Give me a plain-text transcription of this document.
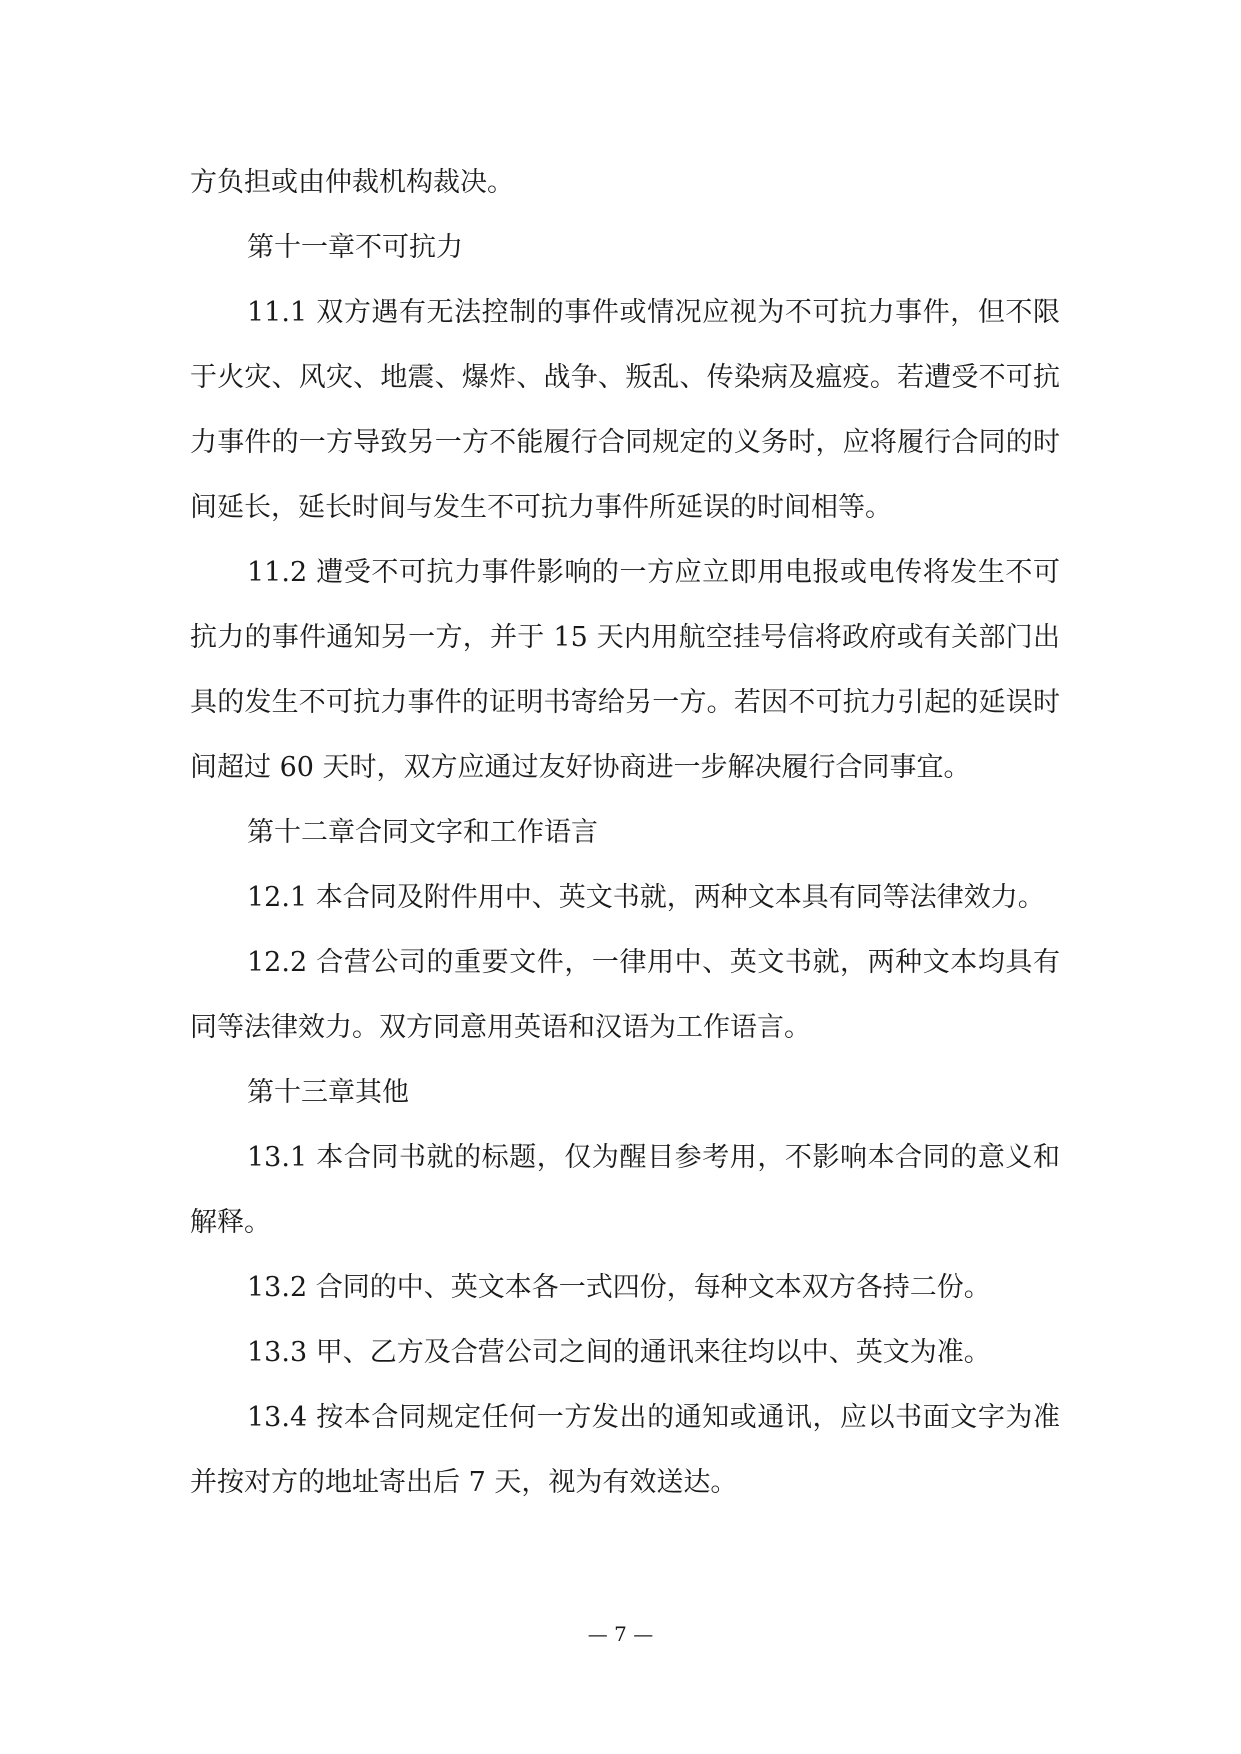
方负担或由仲裁机构裁决。

第十一章不可抗力

11.1 双方遇有无法控制的事件或情况应视为不可抗力事件，但不限于火灾、风灾、地震、爆炸、战争、叛乱、传染病及瘟疫。若遭受不可抗力事件的一方导致另一方不能履行合同规定的义务时，应将履行合同的时间延长，延长时间与发生不可抗力事件所延误的时间相等。

11.2 遭受不可抗力事件影响的一方应立即用电报或电传将发生不可抗力的事件通知另一方，并于 15 天内用航空挂号信将政府或有关部门出具的发生不可抗力事件的证明书寄给另一方。若因不可抗力引起的延误时间超过 60 天时，双方应通过友好协商进一步解决履行合同事宜。

第十二章合同文字和工作语言

12.1 本合同及附件用中、英文书就，两种文本具有同等法律效力。

12.2 合营公司的重要文件，一律用中、英文书就，两种文本均具有同等法律效力。双方同意用英语和汉语为工作语言。

第十三章其他

13.1 本合同书就的标题，仅为醒目参考用，不影响本合同的意义和解释。

13.2 合同的中、英文本各一式四份，每种文本双方各持二份。

13.3 甲、乙方及合营公司之间的通讯来往均以中、英文为准。

13.4 按本合同规定任何一方发出的通知或通讯，应以书面文字为准并按对方的地址寄出后 7 天，视为有效送达。

— 7 —
